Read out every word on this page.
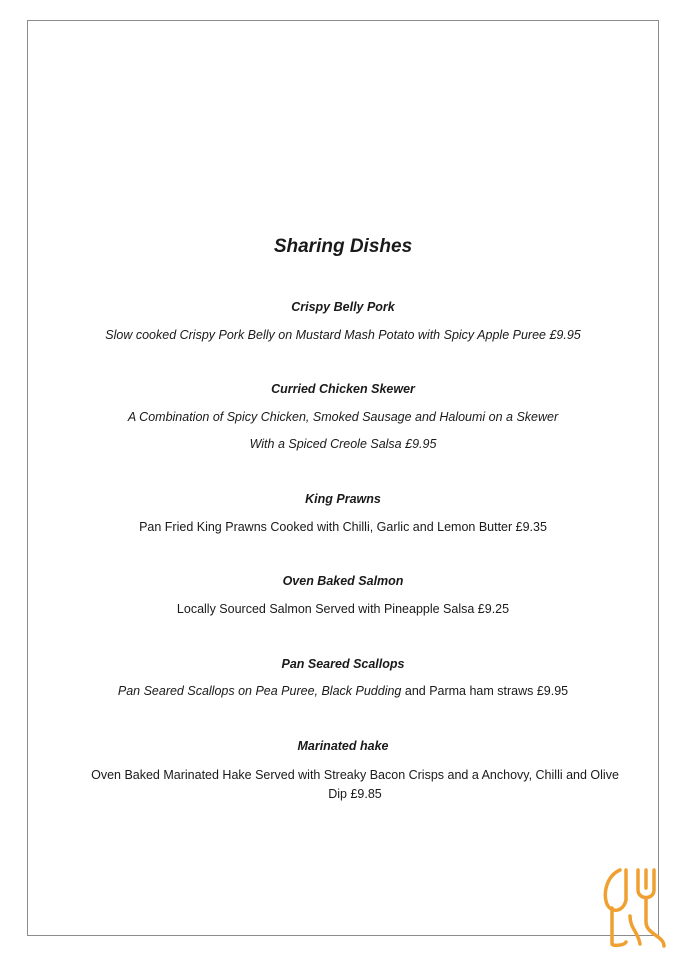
Sharing Dishes
Crispy Belly Pork
Slow cooked Crispy Pork Belly on Mustard Mash Potato with Spicy Apple Puree £9.95
Curried Chicken Skewer
A Combination of Spicy Chicken, Smoked Sausage and Haloumi on a Skewer
With a Spiced Creole Salsa £9.95
King Prawns
Pan Fried King Prawns Cooked with Chilli, Garlic and Lemon Butter £9.35
Oven Baked Salmon
Locally Sourced Salmon Served with Pineapple Salsa £9.25
Pan Seared Scallops
Pan Seared Scallops on Pea Puree, Black Pudding and Parma ham straws £9.95
Marinated hake
Oven Baked Marinated Hake Served with Streaky Bacon Crisps and a Anchovy, Chilli and Olive Dip £9.85
